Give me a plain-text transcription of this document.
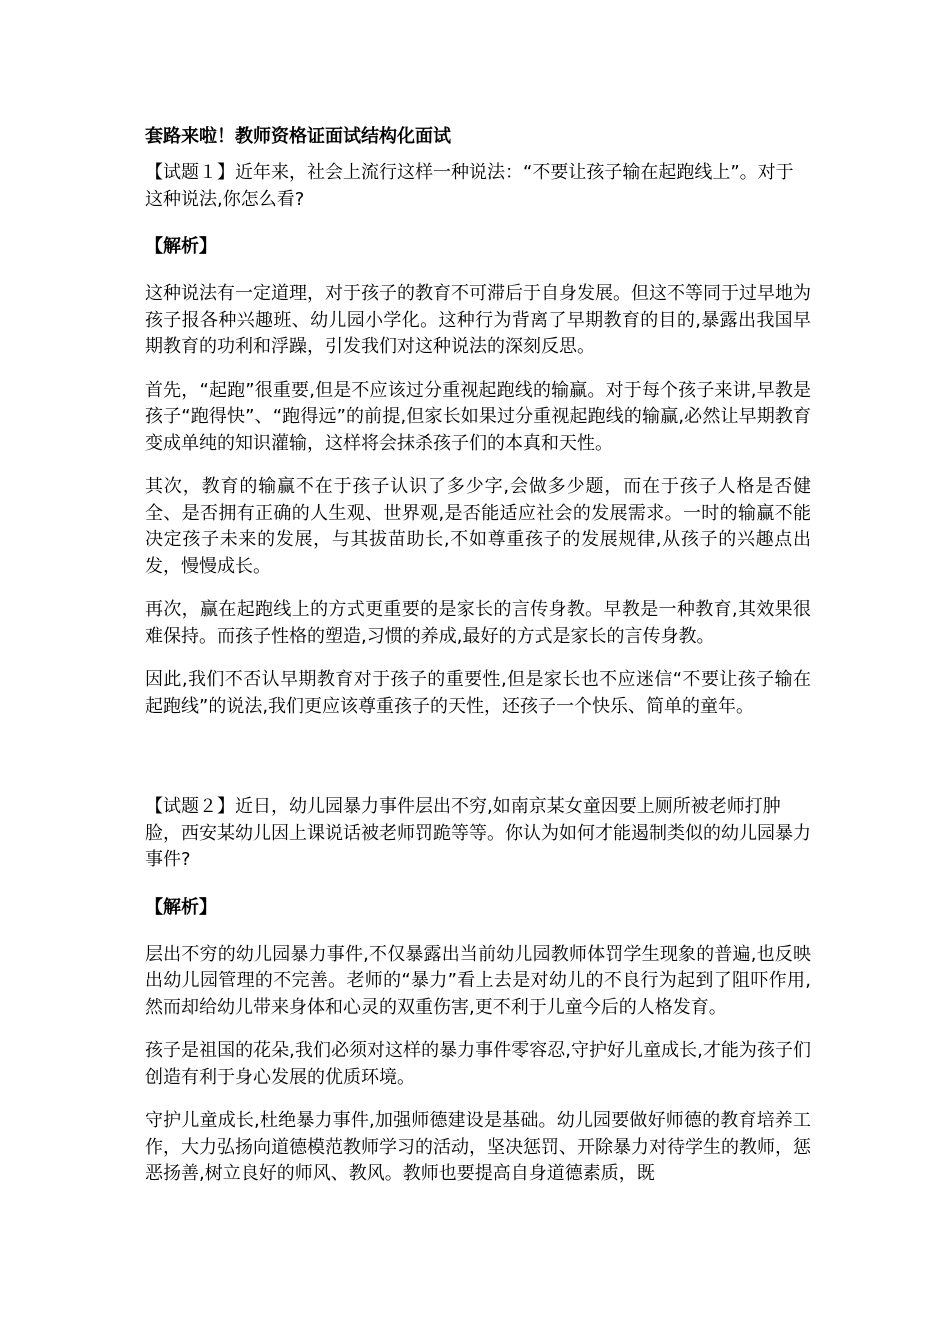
套路来啦！教师资格证面试结构化面试
【试题１】近年来，社会上流行这样一种说法：“不要让孩子输在起跑线上”。对于这种说法,你怎么看?
【解析】
这种说法有一定道理，对于孩子的教育不可滞后于自身发展。但这不等同于过早地为孩子报各种兴趣班、幼儿园小学化。这种行为背离了早期教育的目的,暴露出我国早期教育的功利和浮躁，引发我们对这种说法的深刻反思。
首先，“起跑”很重要,但是不应该过分重视起跑线的输赢。对于每个孩子来讲,早教是孩子“跑得快”、“跑得远”的前提,但家长如果过分重视起跑线的输赢,必然让早期教育变成单纯的知识灌输，这样将会抹杀孩子们的本真和天性。
其次，教育的输赢不在于孩子认识了多少字,会做多少题，而在于孩子人格是否健全、是否拥有正确的人生观、世界观,是否能适应社会的发展需求。一时的输赢不能决定孩子未来的发展，与其拔苗助长,不如尊重孩子的发展规律,从孩子的兴趣点出发，慢慢成长。
再次，赢在起跑线上的方式更重要的是家长的言传身教。早教是一种教育,其效果很难保持。而孩子性格的塑造,习惯的养成,最好的方式是家长的言传身教。
因此,我们不否认早期教育对于孩子的重要性,但是家长也不应迷信“不要让孩子输在起跑线”的说法,我们更应该尊重孩子的天性，还孩子一个快乐、简单的童年。
【试题２】近日，幼儿园暴力事件层出不穷,如南京某女童因要上厕所被老师打肿脸，西安某幼儿因上课说话被老师罚跪等等。你认为如何才能遏制类似的幼儿园暴力事件?
【解析】
层出不穷的幼儿园暴力事件,不仅暴露出当前幼儿园教师体罚学生现象的普遍,也反映出幼儿园管理的不完善。老师的“暴力”看上去是对幼儿的不良行为起到了阻吓作用,然而却给幼儿带来身体和心灵的双重伤害,更不利于儿童今后的人格发育。
孩子是祖国的花朵,我们必须对这样的暴力事件零容忍,守护好儿童成长,才能为孩子们创造有利于身心发展的优质环境。
守护儿童成长,杜绝暴力事件,加强师德建设是基础。幼儿园要做好师德的教育培养工作，大力弘扬向道德模范教师学习的活动，坚决惩罚、开除暴力对待学生的教师，惩恶扬善,树立良好的师风、教风。教师也要提高自身道德素质，既
